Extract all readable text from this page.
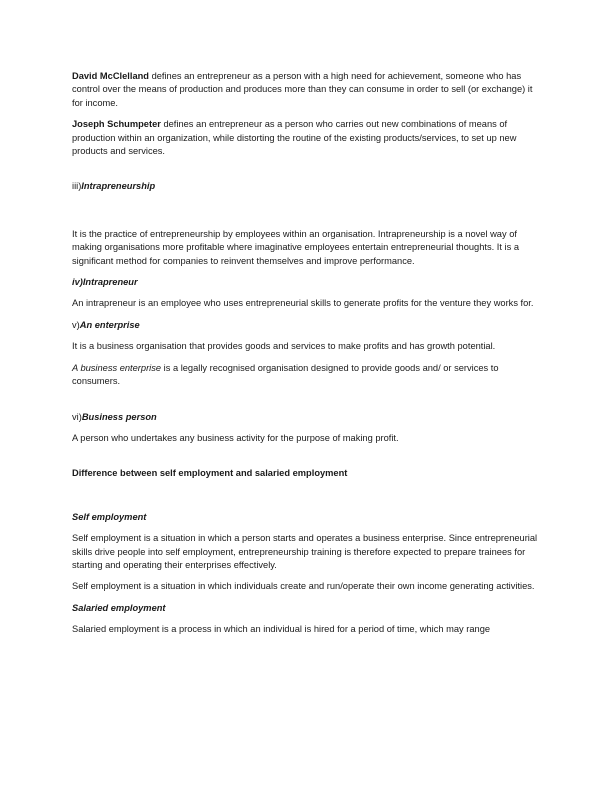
David McClelland defines an entrepreneur as a person with a high need for achievement, someone who has control over the means of production and produces more than they can consume in order to sell (or exchange) it for income.

Joseph Schumpeter defines an entrepreneur as a person who carries out new combinations of means of production within an organization, while distorting the routine of the existing products/services, to set up new products and services.

iii)Intrapreneurship

It is the practice of entrepreneurship by employees within an organisation. Intrapreneurship is a novel way of making organisations more profitable where imaginative employees entertain entrepreneurial thoughts. It is a significant method for companies to reinvent themselves and improve performance.

iv)Intrapreneur

An intrapreneur is an employee who uses entrepreneurial skills to generate profits for the venture they works for.

v)An enterprise

It is a business organisation that provides goods and services to make profits and has growth potential.

A business enterprise is a legally recognised organisation designed to provide goods and/ or services to consumers.

vi)Business person

A person who undertakes any business activity for the purpose of making profit.

Difference between self employment and salaried employment

Self employment

Self employment is a situation in which a person starts and operates a business enterprise. Since entrepreneurial skills drive people into self employment, entrepreneurship training is therefore expected to prepare trainees for starting and operating their enterprises effectively.

Self employment is a situation in which individuals create and run/operate their own income generating activities.

Salaried employment

Salaried employment is a process in which an individual is hired for a period of time, which may range
